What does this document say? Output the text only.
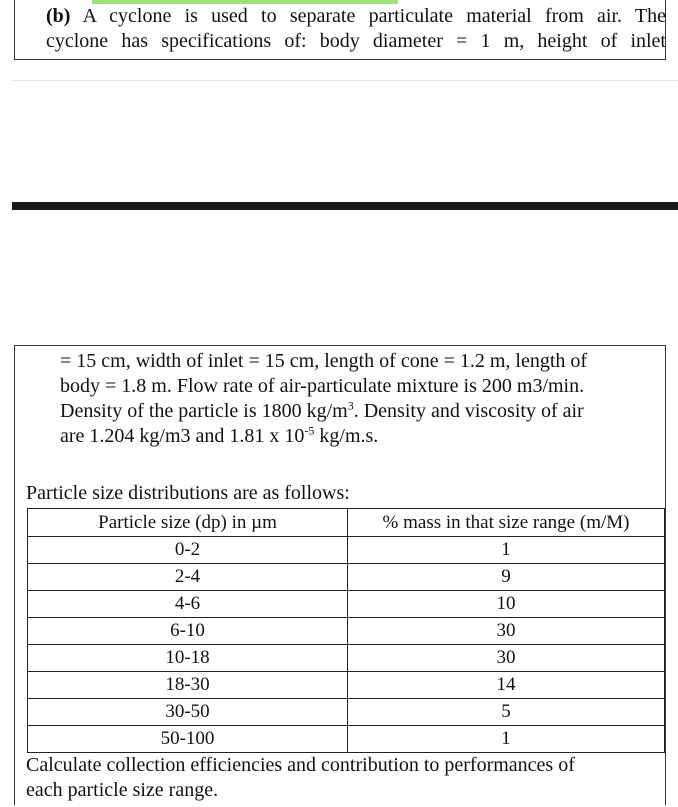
(b) A cyclone is used to separate particulate material from air. The

cyclone has specifications of: body diameter = 1 m, height of inlet

= 15 cm, width of inlet = 15 cm, length of cone = 1.2 m, length of

body = 1.8 m. Flow rate of air-particulate mixture is 200 m3/min.

Density of the particle is 1800 $kg/m^3$. Density and viscosity of air

are 1.204 kg/m3 and 1.81 x $10^{-5}$ kg/m.s.

Particle size distributions are as follows:
Particle size (dp) in µm	% mass in that size range (m/M)
0-2	1
2-4	9
4-6	10
6-10	30
10-18	30
18-30	14
30-50	5
50-100	1

Calculate collection efficiencies and contribution to performances of

each particle size range.
